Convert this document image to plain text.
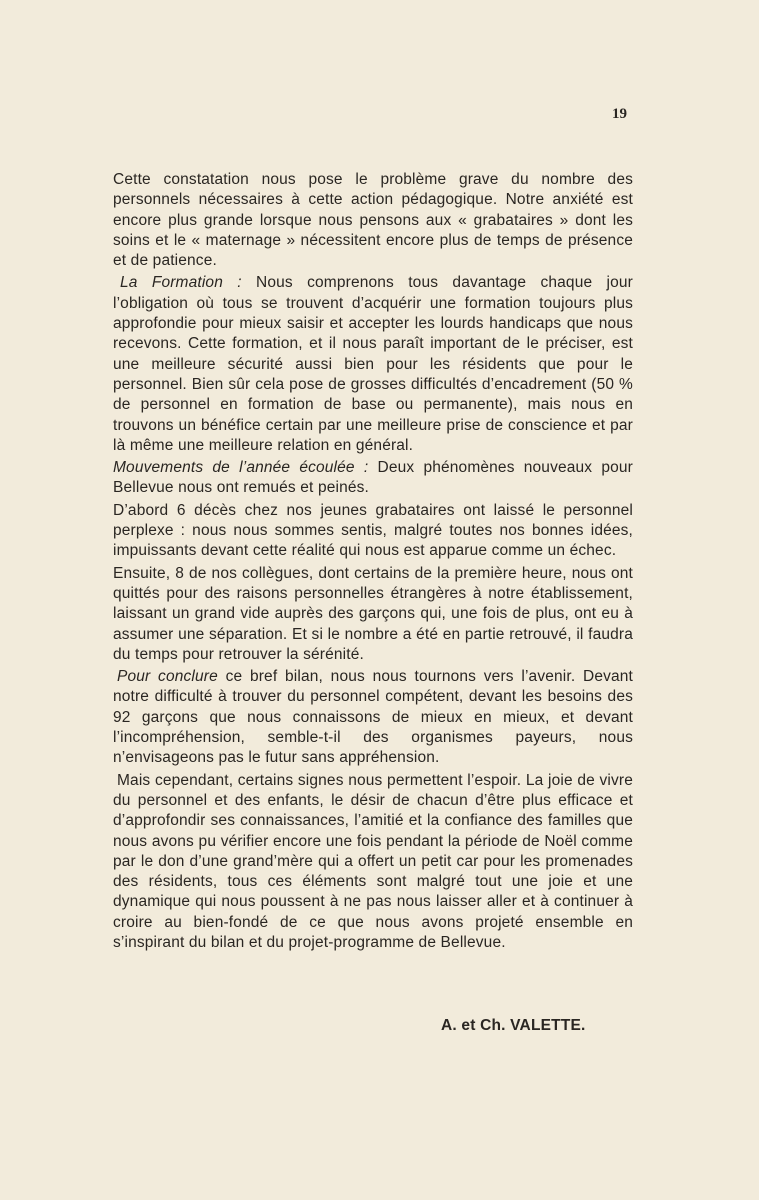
19

Cette constatation nous pose le problème grave du nombre des personnels nécessaires à cette action pédagogique. Notre anxiété est encore plus grande lorsque nous pensons aux « grabataires » dont les soins et le « maternage » nécessitent encore plus de temps de présence et de patience.

La Formation : Nous comprenons tous davantage chaque jour l’obligation où tous se trouvent d’acquérir une formation toujours plus approfondie pour mieux saisir et accepter les lourds handicaps que nous recevons. Cette formation, et il nous paraît important de le préciser, est une meilleure sécurité aussi bien pour les résidents que pour le personnel. Bien sûr cela pose de grosses difficultés d’encadrement (50 % de personnel en formation de base ou permanente), mais nous en trouvons un bénéfice certain par une meilleure prise de conscience et par là même une meilleure relation en général.

Mouvements de l’année écoulée : Deux phénomènes nouveaux pour Bellevue nous ont remués et peinés.

D’abord 6 décès chez nos jeunes grabataires ont laissé le personnel perplexe : nous nous sommes sentis, malgré toutes nos bonnes idées, impuissants devant cette réalité qui nous est apparue comme un échec.

Ensuite, 8 de nos collègues, dont certains de la première heure, nous ont quittés pour des raisons personnelles étrangères à notre établissement, laissant un grand vide auprès des garçons qui, une fois de plus, ont eu à assumer une séparation. Et si le nombre a été en partie retrouvé, il faudra du temps pour retrouver la sérénité.

Pour conclure ce bref bilan, nous nous tournons vers l’avenir. Devant notre difficulté à trouver du personnel compétent, devant les besoins des 92 garçons que nous connaissons de mieux en mieux, et devant l’incompréhension, semble-t-il des organismes payeurs, nous n’envisageons pas le futur sans appréhension.

Mais cependant, certains signes nous permettent l’espoir. La joie de vivre du personnel et des enfants, le désir de chacun d’être plus efficace et d’approfondir ses connaissances, l’amitié et la confiance des familles que nous avons pu vérifier encore une fois pendant la période de Noël comme par le don d’une grand’mère qui a offert un petit car pour les promenades des résidents, tous ces éléments sont malgré tout une joie et une dynamique qui nous poussent à ne pas nous laisser aller et à continuer à croire au bien-fondé de ce que nous avons projeté ensemble en s’inspirant du bilan et du projet-programme de Bellevue.

A. et Ch. VALETTE.
